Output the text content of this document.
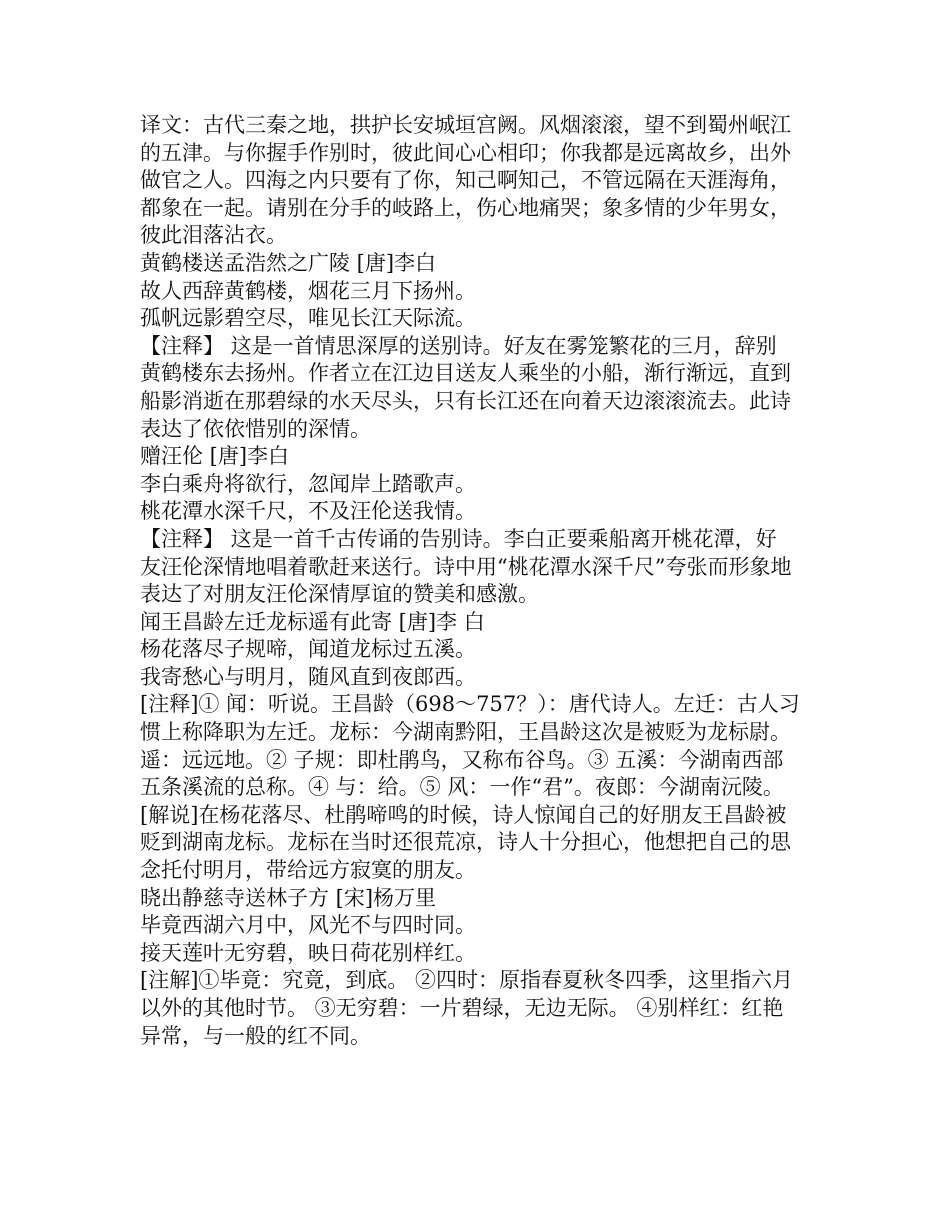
译文：古代三秦之地，拱护长安城垣宫阙。风烟滚滚，望不到蜀州岷江
的五津。与你握手作别时，彼此间心心相印；你我都是远离故乡，出外
做官之人。四海之内只要有了你，知己啊知己，不管远隔在天涯海角，
都象在一起。请别在分手的岐路上，伤心地痛哭；象多情的少年男女，
彼此泪落沾衣。
黄鹤楼送孟浩然之广陵 [唐]李白
故人西辞黄鹤楼，烟花三月下扬州。
孤帆远影碧空尽，唯见长江天际流。
【注释】 这是一首情思深厚的送别诗。好友在雾笼繁花的三月，辞别
黄鹤楼东去扬州。作者立在江边目送友人乘坐的小船，渐行渐远，直到
船影消逝在那碧绿的水天尽头，只有长江还在向着天边滚滚流去。此诗
表达了依依惜别的深情。
赠汪伦 [唐]李白
李白乘舟将欲行，忽闻岸上踏歌声。
桃花潭水深千尺，不及汪伦送我情。
【注释】 这是一首千古传诵的告别诗。李白正要乘船离开桃花潭，好
友汪伦深情地唱着歌赶来送行。诗中用“桃花潭水深千尺”夸张而形象地
表达了对朋友汪伦深情厚谊的赞美和感激。
闻王昌龄左迁龙标遥有此寄 [唐]李 白
杨花落尽子规啼，闻道龙标过五溪。
我寄愁心与明月，随风直到夜郎西。
[注释]① 闻：听说。王昌龄（698～757？）：唐代诗人。左迁：古人习
惯上称降职为左迁。龙标：今湖南黔阳，王昌龄这次是被贬为龙标尉。
遥：远远地。② 子规：即杜鹃鸟，又称布谷鸟。③ 五溪：今湖南西部
五条溪流的总称。④ 与：给。⑤ 风：一作“君”。夜郎：今湖南沅陵。
[解说]在杨花落尽、杜鹃啼鸣的时候，诗人惊闻自己的好朋友王昌龄被
贬到湖南龙标。龙标在当时还很荒凉，诗人十分担心，他想把自己的思
念托付明月，带给远方寂寞的朋友。
晓出静慈寺送林子方 [宋]杨万里
毕竟西湖六月中，风光不与四时同。
接天莲叶无穷碧，映日荷花别样红。
[注解]①毕竟：究竟，到底。 ②四时：原指春夏秋冬四季，这里指六月
以外的其他时节。 ③无穷碧：一片碧绿，无边无际。 ④别样红：红艳
异常，与一般的红不同。
